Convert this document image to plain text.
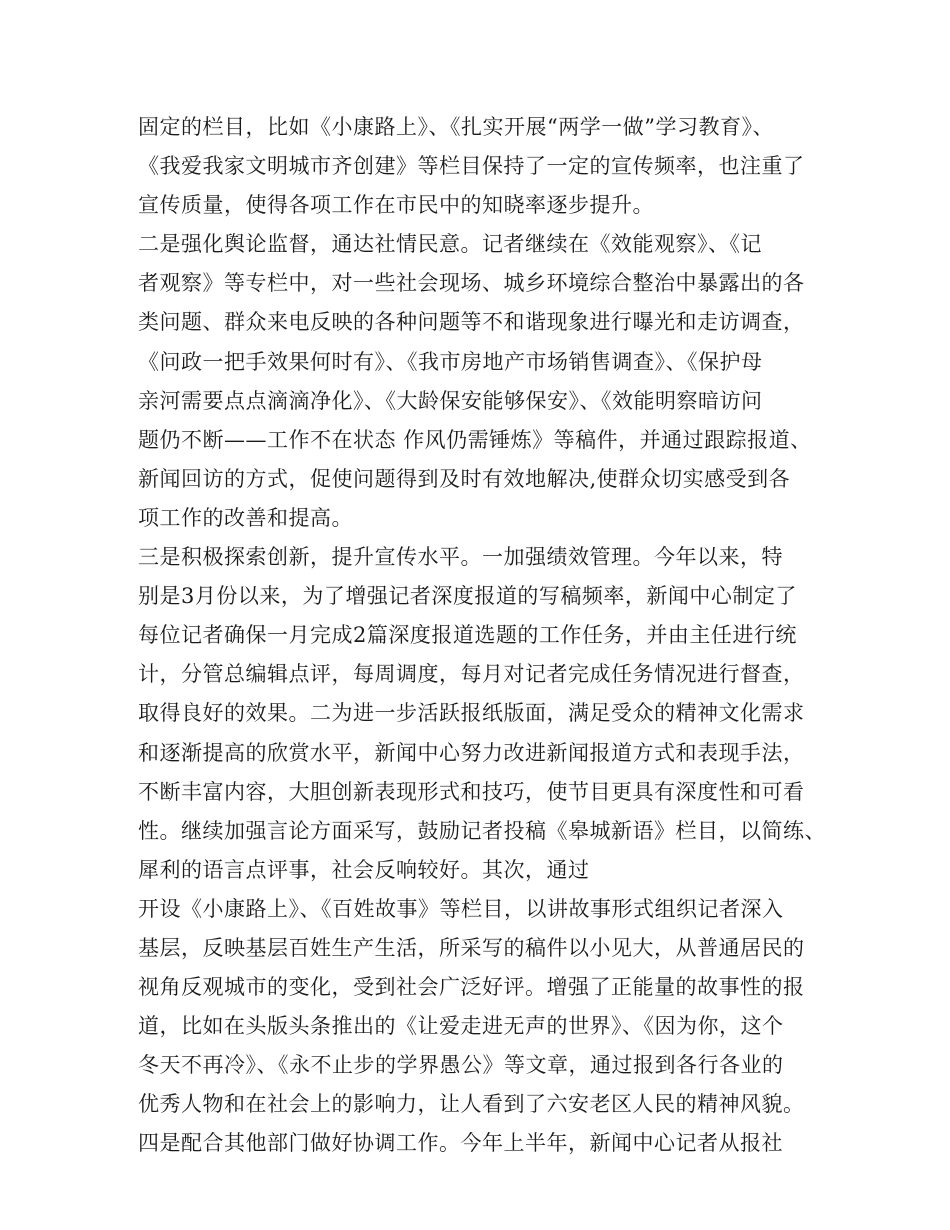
固定的栏目，比如《小康路上》、《扎实开展“两学一做”学习教育》、
《我爱我家文明城市齐创建》等栏目保持了一定的宣传频率，也注重了
宣传质量，使得各项工作在市民中的知晓率逐步提升。
二是强化舆论监督，通达社情民意。记者继续在《效能观察》、《记
者观察》等专栏中，对一些社会现场、城乡环境综合整治中暴露出的各
类问题、群众来电反映的各种问题等不和谐现象进行曝光和走访调查，
《问政一把手效果何时有》、《我市房地产市场销售调查》、《保护母
亲河需要点点滴滴净化》、《大龄保安能够保安》、《效能明察暗访问
题仍不断——工作不在状态 作风仍需锤炼》等稿件，并通过跟踪报道、
新闻回访的方式，促使问题得到及时有效地解决,使群众切实感受到各
项工作的改善和提高。
三是积极探索创新，提升宣传水平。一加强绩效管理。今年以来，特
别是3月份以来，为了增强记者深度报道的写稿频率，新闻中心制定了
每位记者确保一月完成2篇深度报道选题的工作任务，并由主任进行统
计，分管总编辑点评，每周调度，每月对记者完成任务情况进行督查，
取得良好的效果。二为进一步活跃报纸版面，满足受众的精神文化需求
和逐渐提高的欣赏水平，新闻中心努力改进新闻报道方式和表现手法，
不断丰富内容，大胆创新表现形式和技巧，使节目更具有深度性和可看
性。继续加强言论方面采写，鼓励记者投稿《皋城新语》栏目，以简练、
犀利的语言点评事，社会反响较好。其次，通过
开设《小康路上》、《百姓故事》等栏目，以讲故事形式组织记者深入
基层，反映基层百姓生产生活，所采写的稿件以小见大，从普通居民的
视角反观城市的变化，受到社会广泛好评。增强了正能量的故事性的报
道，比如在头版头条推出的《让爱走进无声的世界》、《因为你，这个
冬天不再冷》、《永不止步的学界愚公》等文章，通过报到各行各业的
优秀人物和在社会上的影响力，让人看到了六安老区人民的精神风貌。
四是配合其他部门做好协调工作。今年上半年，新闻中心记者从报社
